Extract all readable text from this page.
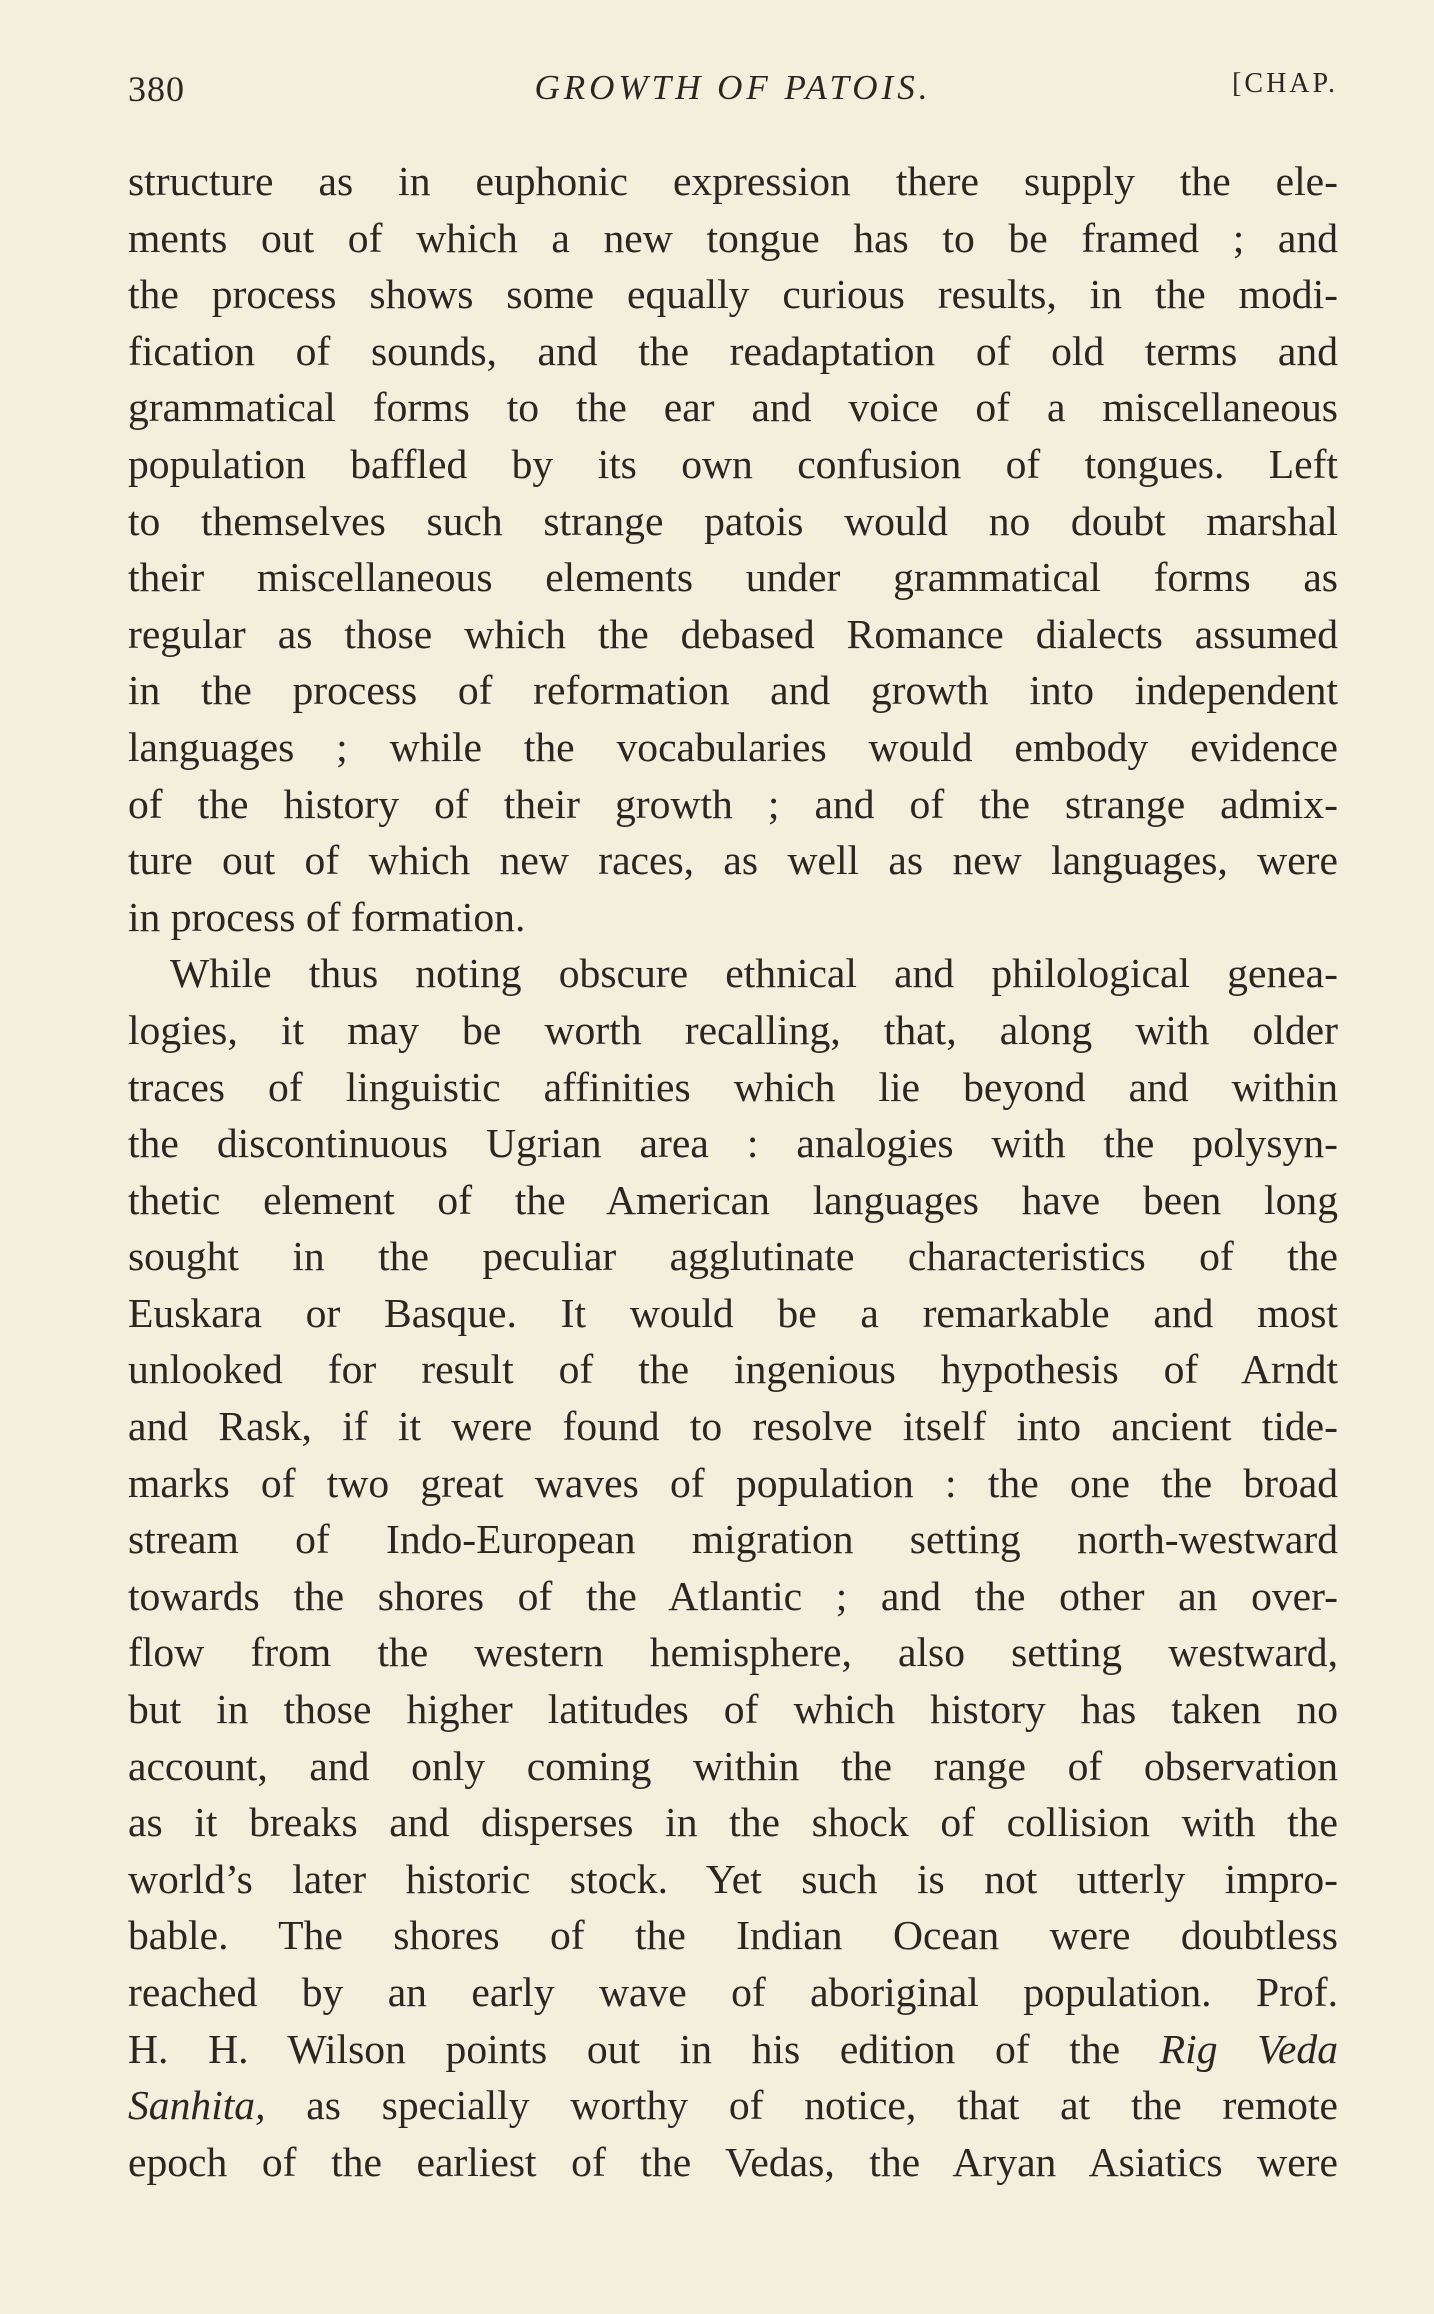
380	GROWTH OF PATOIS.	[CHAP.
structure as in euphonic expression there supply the ele-
ments out of which a new tongue has to be framed ; and
the process shows some equally curious results, in the modi-
fication of sounds, and the readaptation of old terms and
grammatical forms to the ear and voice of a miscellaneous
population baffled by its own confusion of tongues. Left
to themselves such strange patois would no doubt marshal
their miscellaneous elements under grammatical forms as
regular as those which the debased Romance dialects assumed
in the process of reformation and growth into independent
languages ; while the vocabularies would embody evidence
of the history of their growth ; and of the strange admix-
ture out of which new races, as well as new languages, were
in process of formation.
While thus noting obscure ethnical and philological genea-
logies, it may be worth recalling, that, along with older
traces of linguistic affinities which lie beyond and within
the discontinuous Ugrian area : analogies with the polysyn-
thetic element of the American languages have been long
sought in the peculiar agglutinate characteristics of the
Euskara or Basque. It would be a remarkable and most
unlooked for result of the ingenious hypothesis of Arndt
and Rask, if it were found to resolve itself into ancient tide-
marks of two great waves of population : the one the broad
stream of Indo-European migration setting north-westward
towards the shores of the Atlantic ; and the other an over-
flow from the western hemisphere, also setting westward,
but in those higher latitudes of which history has taken no
account, and only coming within the range of observation
as it breaks and disperses in the shock of collision with the
world’s later historic stock. Yet such is not utterly impro-
bable. The shores of the Indian Ocean were doubtless
reached by an early wave of aboriginal population. Prof.
H. H. Wilson points out in his edition of the Rig Veda
Sanhita, as specially worthy of notice, that at the remote
epoch of the earliest of the Vedas, the Aryan Asiatics were
